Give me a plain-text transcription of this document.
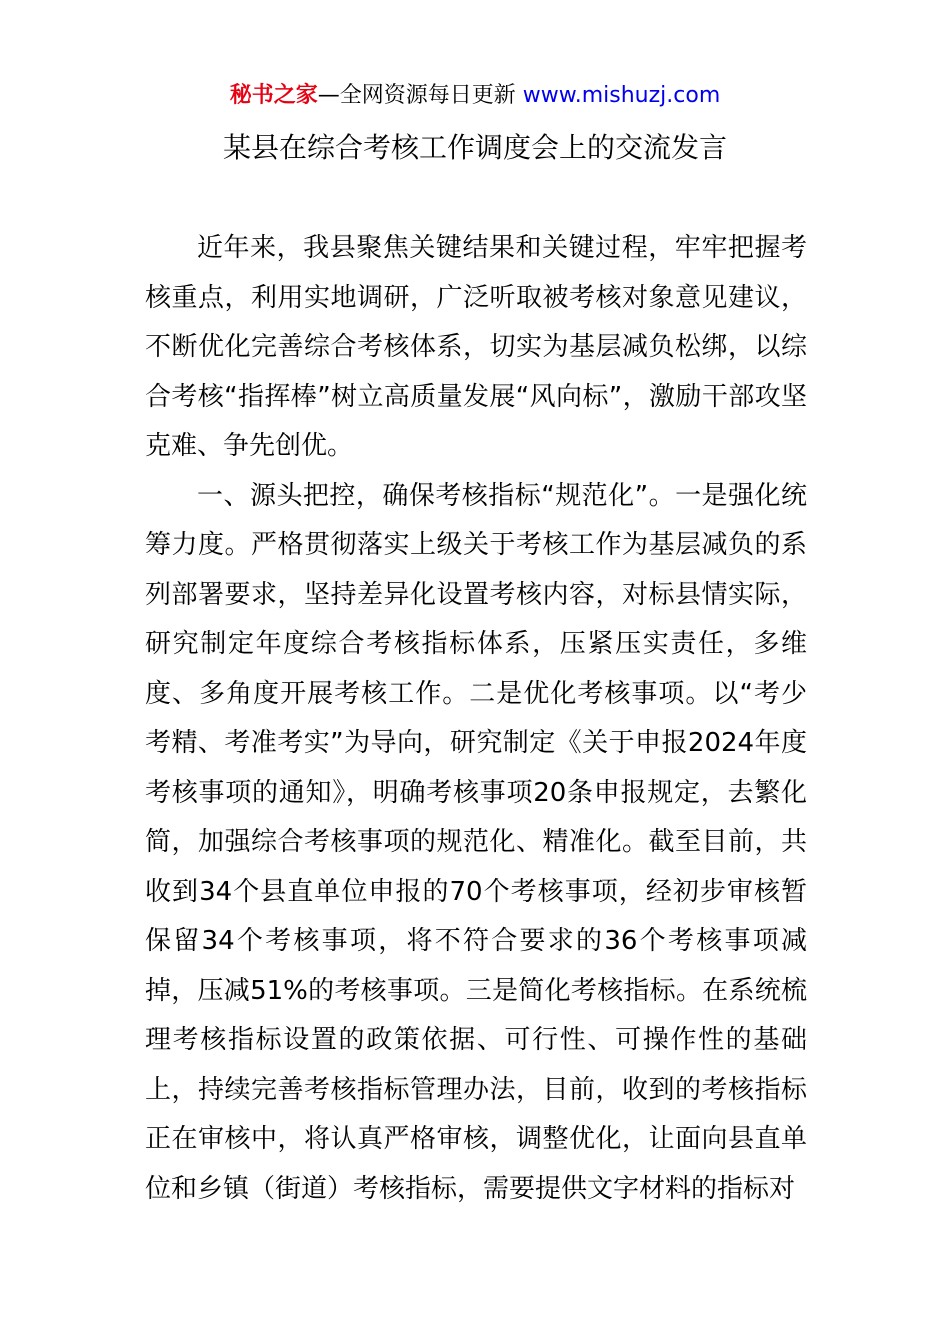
秘书之家—全网资源每日更新 www.mishuzj.com
某县在综合考核工作调度会上的交流发言

近年来，我县聚焦关键结果和关键过程，牢牢把握考核重点，利用实地调研，广泛听取被考核对象意见建议，不断优化完善综合考核体系，切实为基层减负松绑，以综合考核“指挥棒”树立高质量发展“风向标”，激励干部攻坚克难、争先创优。

一、源头把控，确保考核指标“规范化”。一是强化统筹力度。严格贯彻落实上级关于考核工作为基层减负的系列部署要求，坚持差异化设置考核内容，对标县情实际，研究制定年度综合考核指标体系，压紧压实责任，多维度、多角度开展考核工作。二是优化考核事项。以“考少考精、考准考实”为导向，研究制定《关于申报2024年度考核事项的通知》，明确考核事项20条申报规定，去繁化简，加强综合考核事项的规范化、精准化。截至目前，共收到34个县直单位申报的70个考核事项，经初步审核暂保留34个考核事项，将不符合要求的36个考核事项减掉，压减51%的考核事项。三是简化考核指标。在系统梳理考核指标设置的政策依据、可行性、可操作性的基础上，持续完善考核指标管理办法，目前，收到的考核指标正在审核中，将认真严格审核，调整优化，让面向县直单位和乡镇（街道）考核指标，需要提供文字材料的指标对
